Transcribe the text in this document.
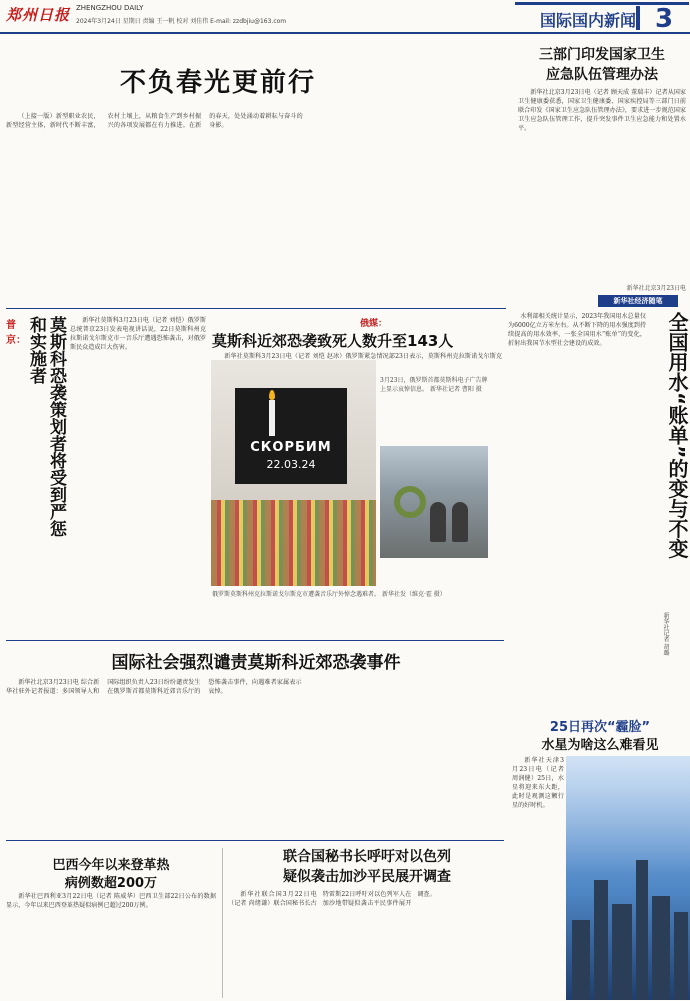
郑州日报 ZHENGZHOU DAILY
2024年3月24日 星期日 责编 王一帆 校对 刘佳伟 E-mail: zzdbjiu@163.com	国际国内新闻 3
不负春光更前行

（上接一版）新型职业农民，新型经营主体，新时代不断丰富，农村土壤上，从粮食生产到乡村振兴的各项发展都在有力推进。在新的春天，处处涌动着耕耘与奋斗的身影。

三部门印发国家卫生
应急队伍管理办法

新华社北京3月23日电（记者 顾天成 董瑞丰）记者从国家卫生健康委获悉，国家卫生健康委、国家疾控局等三部门日前联合印发《国家卫生应急队伍管理办法》，要求进一步规范国家卫生应急队伍管理工作，提升突发事件卫生应急能力和处置水平。

新华社北京3月23日电
新华社经济随笔

水利部相关统计显示，2023年我国用水总量仅为6000亿立方米左右。从不断下降的用水强度到持续提高的用水效率，一张全国用水“账单”的变化，折射出我国节水型社会建设的成效。	全国用水“账单”的变与不变
新华社记者 胡璐
普京：	莫斯科恐袭策划者将受到严惩和实施者	新华社莫斯科3月23日电（记者 刘恺）俄罗斯总统普京23日发表电视讲话说，22日莫斯科州克拉斯诺戈尔斯克市一音乐厅遭遇恐怖袭击，对俄罗斯民众造成巨大伤害。

俄媒：
莫斯科近郊恐袭致死人数升至143人

新华社莫斯科3月23日电（记者 刘恺 赵冰）俄罗斯紧急情况部23日表示，莫斯科州克拉斯诺戈尔斯克

СКОРБИМ
22.03.24
3月23日，俄罗斯首都莫斯科电子广告牌上显示哀悼信息。 新华社记者 曹阳 摄
俄罗斯莫斯科州克拉斯诺戈尔斯克市遭袭音乐厅外悼念遇难者。 新华社发（维克·霍 摄）
国际社会强烈谴责莫斯科近郊恐袭事件

新华社北京3月23日电 综合新华社驻外记者报道：多国领导人和国际组织负责人23日纷纷谴责发生在俄罗斯首都莫斯科近郊音乐厅的恐怖袭击事件，向遇难者家属表示哀悼。

25日再次“霾脸”
水星为啥这么难看见

新华社天津3月23日电（记者 周润健）25日，水星将迎来东大距，此时是观测这颗行星的好时机。

巴西今年以来登革热
病例数超200万

新华社巴西利亚3月22日电（记者 陈威华）巴西卫生部22日公布的数据显示，今年以来巴西登革热疑似病例已超过200万例。

联合国秘书长呼吁对以色列
疑似袭击加沙平民展开调查

新华社联合国3月22日电（记者 尚绪谦）联合国秘书长古特雷斯22日呼吁对以色列军人在加沙地带疑似袭击平民事件展开调查。
